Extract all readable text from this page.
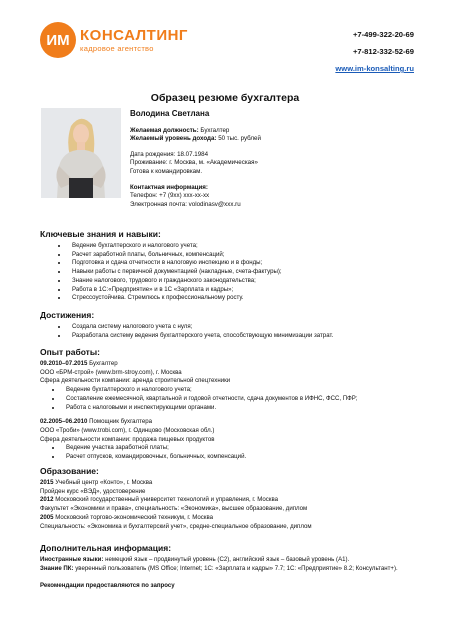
ИМ КОНСАЛТИНГ
кадровое агентство
+7-499-322-20-69
+7-812-332-52-69
www.im-konsalting.ru
Образец резюме бухгалтера
Володина Светлана
Желаемая должность: Бухгалтер
Желаемый уровень дохода: 50 тыс. рублей
Дата рождения: 18.07.1984
Проживание: г. Москва, м. «Академическая»
Готова к командировкам.
Контактная информация:
Телефон: +7 (9хх) ххх-хх-хх
Электронная почта: volodinasv@xxx.ru
Ключевые знания и навыки:
• Ведение бухгалтерского и налогового учета;
• Расчет заработной платы, больничных, компенсаций;
• Подготовка и сдача отчетности в налоговую инспекцию и в фонды;
• Навыки работы с первичной документацией (накладные, счета-фактуры);
• Знание налогового, трудового и гражданского законодательства;
• Работа в 1С:«Предприятие» и в 1С «Зарплата и кадры»;
• Стрессоустойчива. Стремлюсь к профессиональному росту.
Достижения:
• Создала систему налогового учета с нуля;
• Разработала систему ведения бухгалтерского учета, способствующую минимизации затрат.
Опыт работы:
09.2010–07.2015 Бухгалтер
ООО «БРМ-строй» (www.brm-stroy.com), г. Москва
Сфера деятельности компании: аренда строительной спецтехники
• Ведение бухгалтерского и налогового учета;
• Составление ежемесячной, квартальной и годовой отчетности, сдача документов в ИФНС, ФСС, ПФР;
• Работа с налоговыми и инспектирующими органами.
02.2005–06.2010 Помощник бухгалтера
ООО «Троби» (www.trobi.com), г. Одинцово (Московская обл.)
Сфера деятельности компании: продажа пищевых продуктов
• Ведение участка заработной платы;
• Расчет отпусков, командировочных, больничных, компенсаций.
Образование:
2015 Учебный центр «Конто», г. Москва
Пройден курс «ВЭД», удостоверение
2012 Московский государственный университет технологий и управления, г. Москва
Факультет «Экономики и права», специальность: «Экономика», высшее образование, диплом
2005 Московский торгово-экономический техникум, г. Москва
Специальность: «Экономика и бухгалтерский учет», средне-специальное образование, диплом
Дополнительная информация:
Иностранные языки: немецкий язык – продвинутый уровень (С2), английский язык – базовый уровень (А1).
Знание ПК: уверенный пользователь (MS Office; Internet; 1С: «Зарплата и кадры» 7.7; 1С: «Предприятие» 8.2; Консультант+).
Рекомендации предоставляются по запросу
